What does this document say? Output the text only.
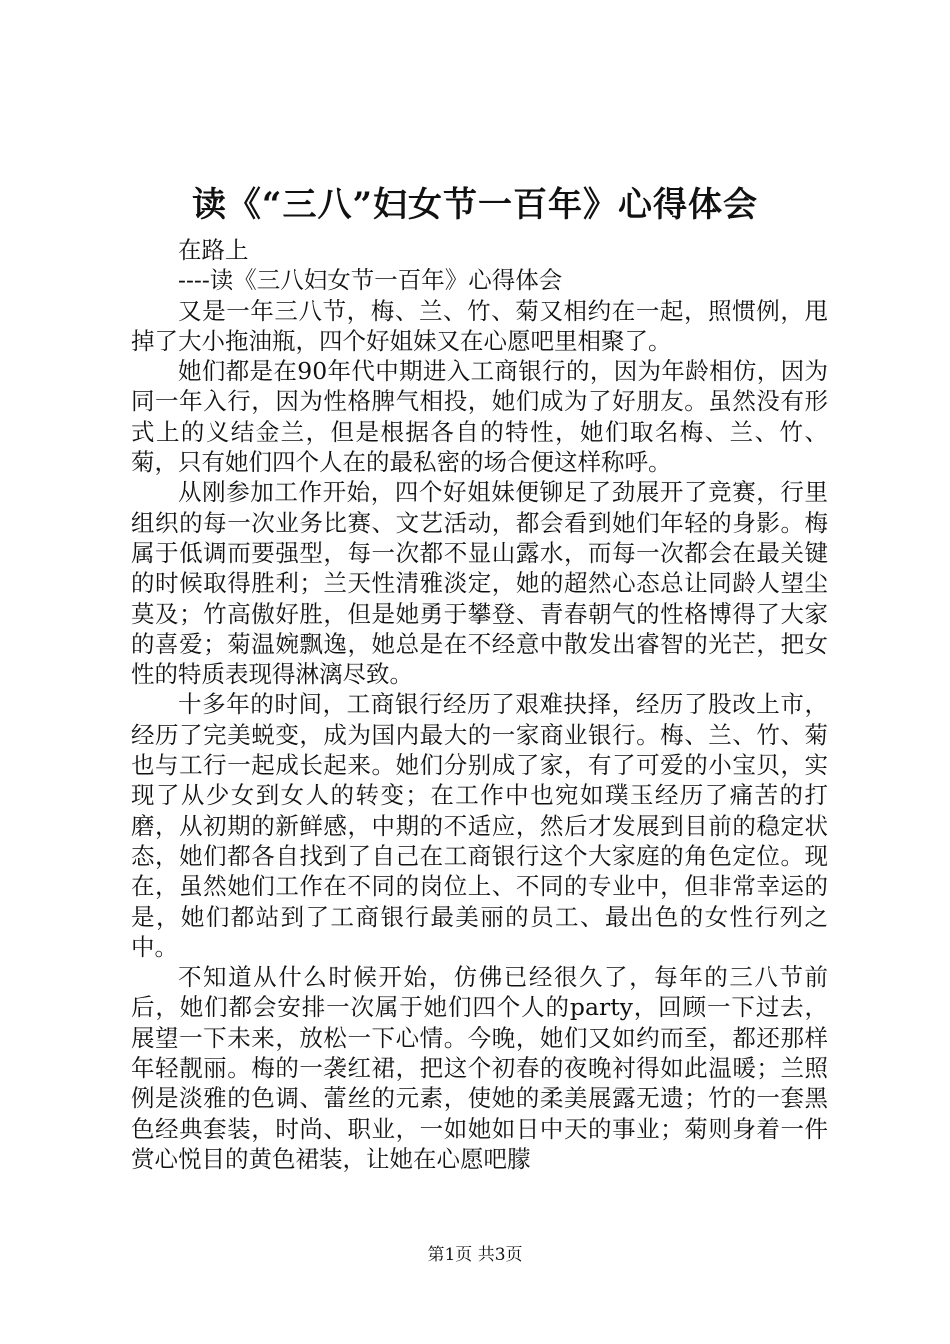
读《“三八”妇女节一百年》心得体会

在路上

----读《三八妇女节一百年》心得体会

又是一年三八节，梅、兰、竹、菊又相约在一起，照惯例，甩掉了大小拖油瓶，四个好姐妹又在心愿吧里相聚了。

她们都是在90年代中期进入工商银行的，因为年龄相仿，因为同一年入行，因为性格脾气相投，她们成为了好朋友。虽然没有形式上的义结金兰，但是根据各自的特性，她们取名梅、兰、竹、菊，只有她们四个人在的最私密的场合便这样称呼。

从刚参加工作开始，四个好姐妹便铆足了劲展开了竞赛，行里组织的每一次业务比赛、文艺活动，都会看到她们年轻的身影。梅属于低调而要强型，每一次都不显山露水，而每一次都会在最关键的时候取得胜利；兰天性清雅淡定，她的超然心态总让同龄人望尘莫及；竹高傲好胜，但是她勇于攀登、青春朝气的性格博得了大家的喜爱；菊温婉飘逸，她总是在不经意中散发出睿智的光芒，把女性的特质表现得淋漓尽致。

十多年的时间，工商银行经历了艰难抉择，经历了股改上市，经历了完美蜕变，成为国内最大的一家商业银行。梅、兰、竹、菊也与工行一起成长起来。她们分别成了家，有了可爱的小宝贝，实现了从少女到女人的转变；在工作中也宛如璞玉经历了痛苦的打磨，从初期的新鲜感，中期的不适应，然后才发展到目前的稳定状态，她们都各自找到了自己在工商银行这个大家庭的角色定位。现在，虽然她们工作在不同的岗位上、不同的专业中，但非常幸运的是，她们都站到了工商银行最美丽的员工、最出色的女性行列之中。

不知道从什么时候开始，仿佛已经很久了，每年的三八节前后，她们都会安排一次属于她们四个人的party，回顾一下过去，展望一下未来，放松一下心情。今晚，她们又如约而至，都还那样年轻靓丽。梅的一袭红裙，把这个初春的夜晚衬得如此温暖；兰照例是淡雅的色调、蕾丝的元素，使她的柔美展露无遗；竹的一套黑色经典套装，时尚、职业，一如她如日中天的事业；菊则身着一件赏心悦目的黄色裙装，让她在心愿吧朦

第1页 共3页
